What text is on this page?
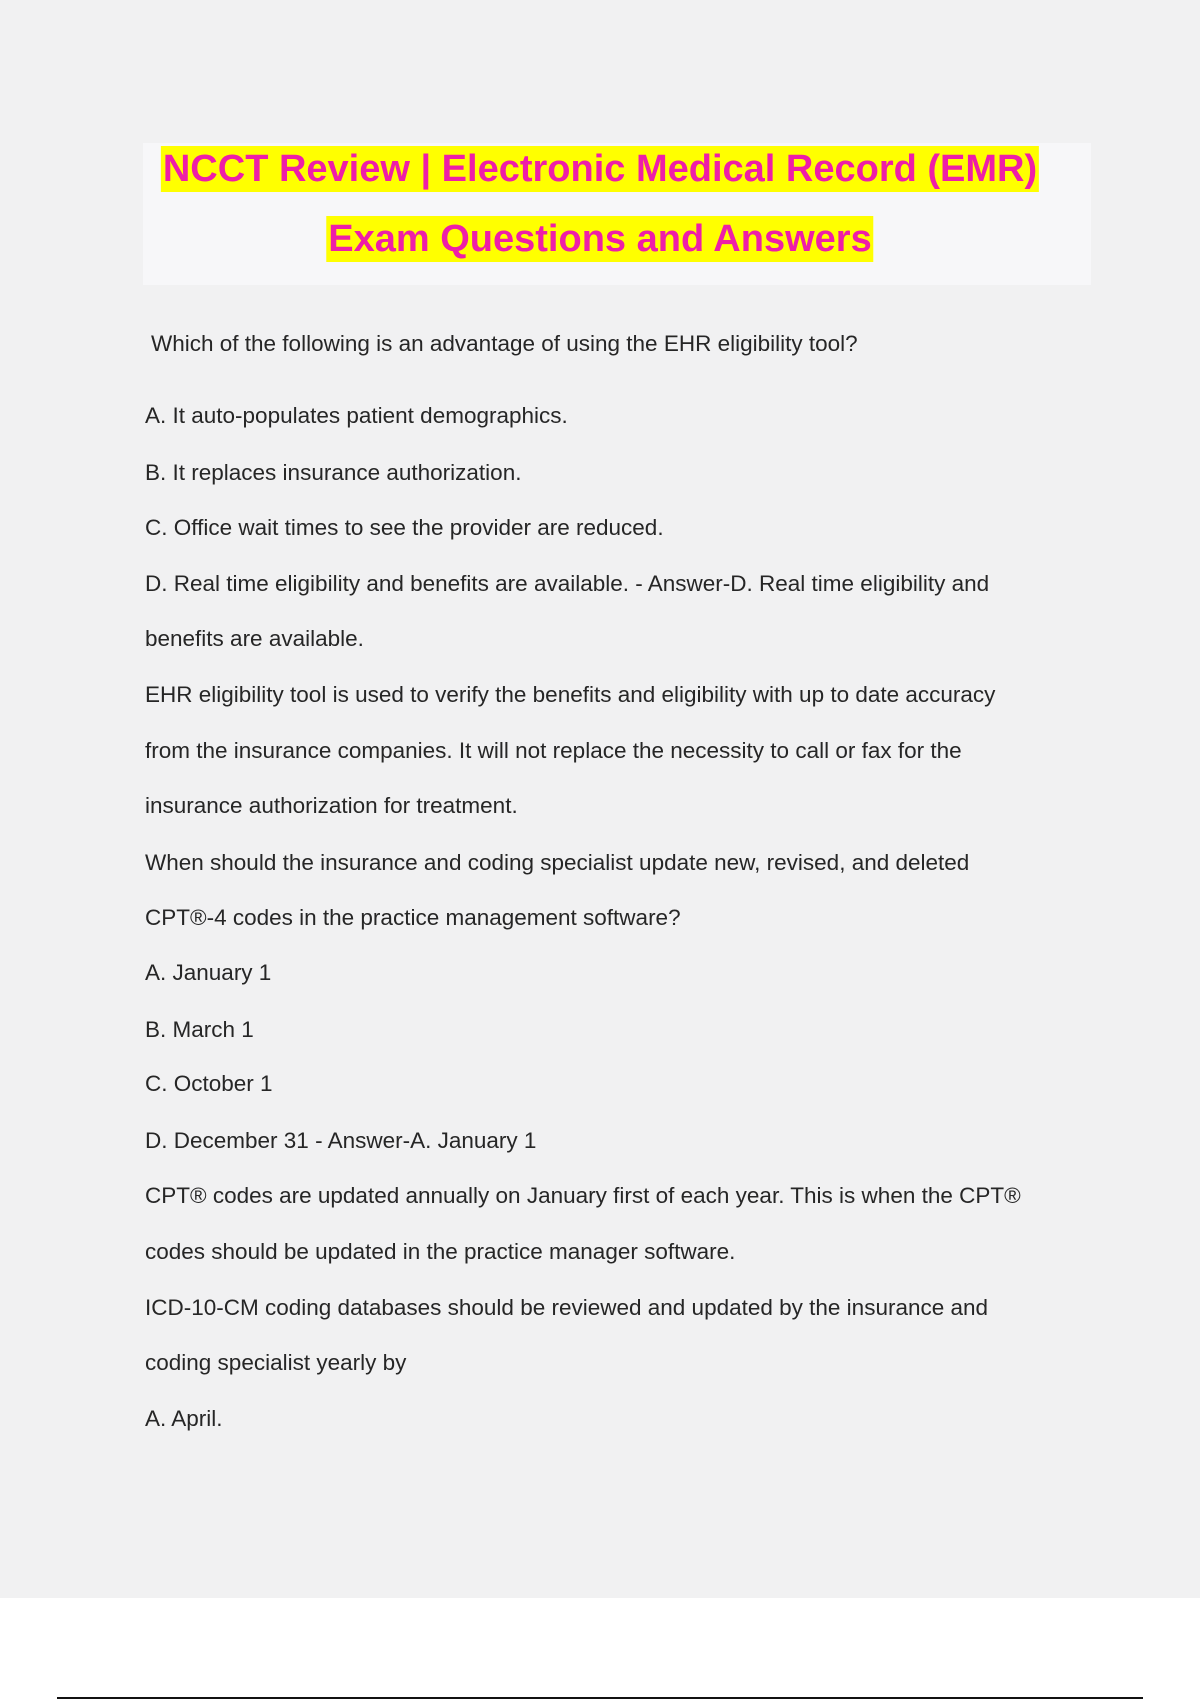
NCCT Review | Electronic Medical Record (EMR)
Exam Questions and Answers
Which of the following is an advantage of using the EHR eligibility tool?
A. It auto-populates patient demographics.
B. It replaces insurance authorization.
C. Office wait times to see the provider are reduced.
D. Real time eligibility and benefits are available. - Answer-D. Real time eligibility and
benefits are available.
EHR eligibility tool is used to verify the benefits and eligibility with up to date accuracy
from the insurance companies. It will not replace the necessity to call or fax for the
insurance authorization for treatment.
When should the insurance and coding specialist update new, revised, and deleted
CPT®-4 codes in the practice management software?
A. January 1
B. March 1
C. October 1
D. December 31 - Answer-A. January 1
CPT® codes are updated annually on January first of each year. This is when the CPT®
codes should be updated in the practice manager software.
ICD-10-CM coding databases should be reviewed and updated by the insurance and
coding specialist yearly by
A. April.
